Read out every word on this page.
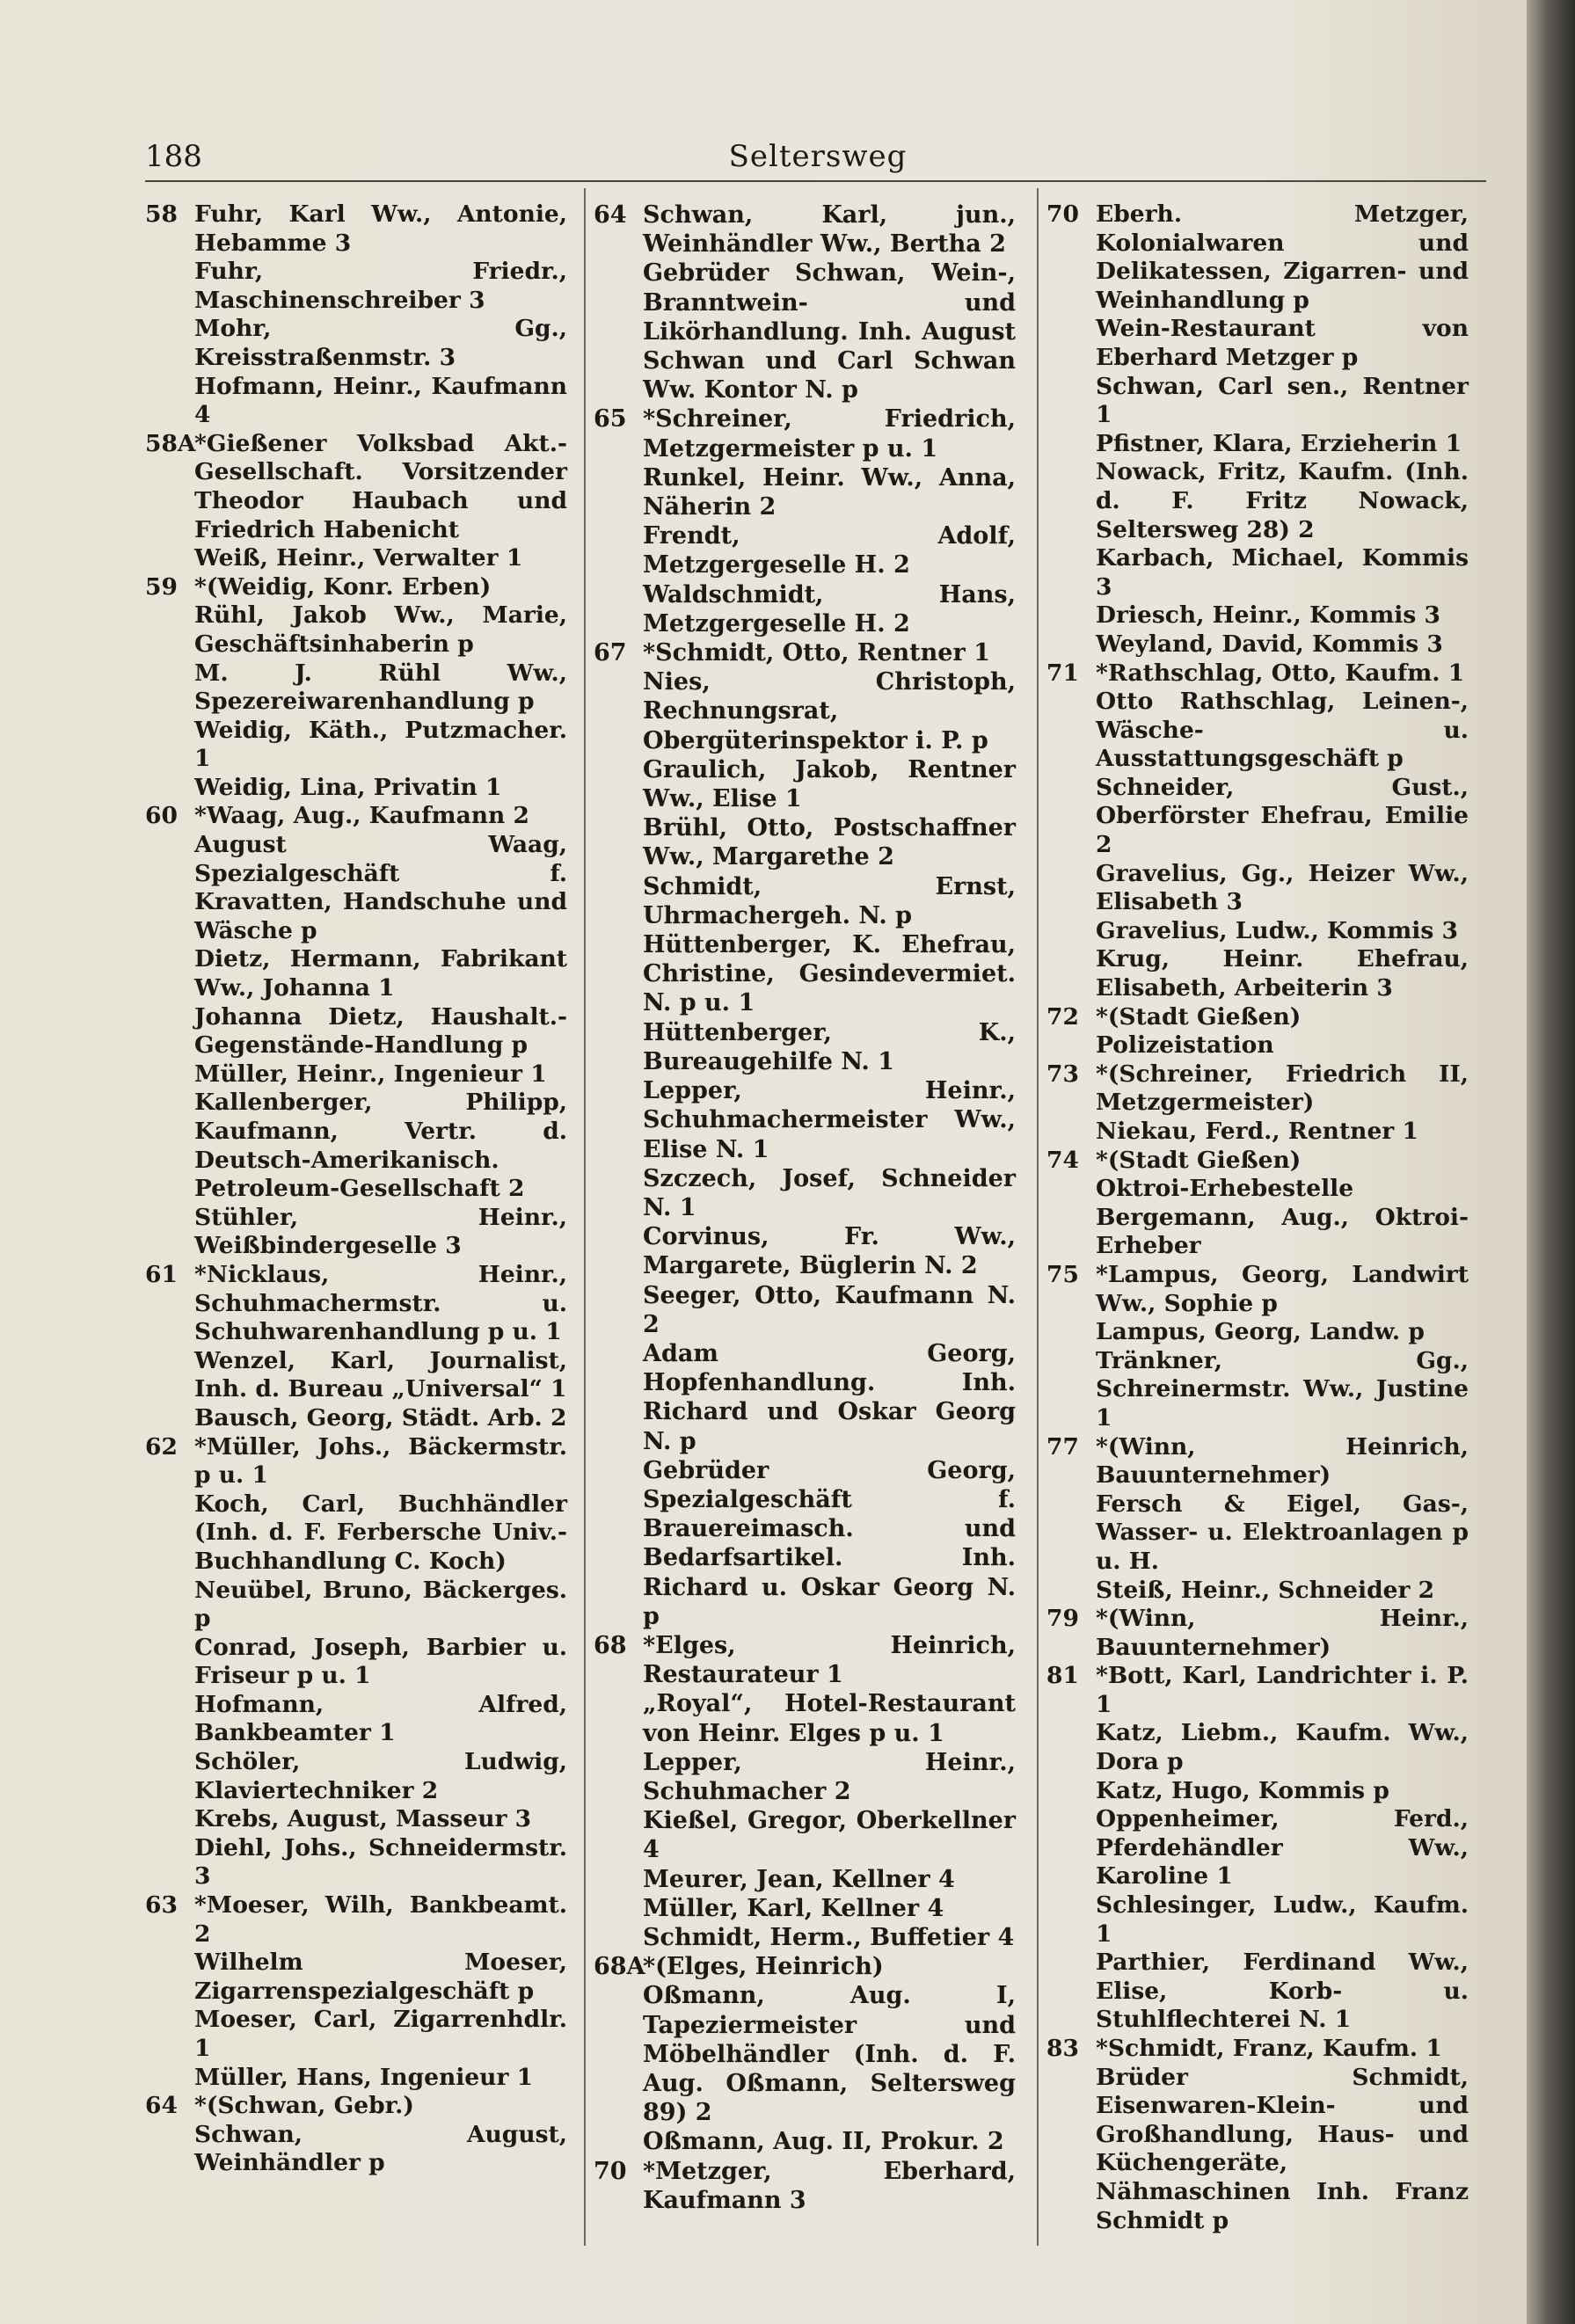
188	Seltersweg

58 Fuhr, Karl Ww., Antonie, Hebamme 3

Fuhr, Friedr., Maschinenschreiber 3

Mohr, Gg., Kreisstraßenmstr. 3

Hofmann, Heinr., Kaufmann 4

58A*Gießener Volksbad Akt.-Gesellschaft. Vorsitzender Theodor Haubach und Friedrich Habenicht

Weiß, Heinr., Verwalter 1

59 *(Weidig, Konr. Erben)

Rühl, Jakob Ww., Marie, Geschäftsinhaberin p

M. J. Rühl Ww., Spezereiwarenhandlung p

Weidig, Käth., Putzmacher. 1

Weidig, Lina, Privatin 1

60 *Waag, Aug., Kaufmann 2

August Waag, Spezialgeschäft f. Kravatten, Handschuhe und Wäsche p

Dietz, Hermann, Fabrikant Ww., Johanna 1

Johanna Dietz, Haushalt.-Gegenstände-Handlung p

Müller, Heinr., Ingenieur 1

Kallenberger, Philipp, Kaufmann, Vertr. d. Deutsch-Amerikanisch. Petroleum-Gesellschaft 2

Stühler, Heinr., Weißbindergeselle 3

61 *Nicklaus, Heinr., Schuhmachermstr. u. Schuhwarenhandlung p u. 1

Wenzel, Karl, Journalist, Inh. d. Bureau „Universal“ 1

Bausch, Georg, Städt. Arb. 2

62 *Müller, Johs., Bäckermstr. p u. 1

Koch, Carl, Buchhändler (Inh. d. F. Ferbersche Univ.-Buchhandlung C. Koch)

Neuübel, Bruno, Bäckerges. p

Conrad, Joseph, Barbier u. Friseur p u. 1

Hofmann, Alfred, Bankbeamter 1

Schöler, Ludwig, Klaviertechniker 2

Krebs, August, Masseur 3

Diehl, Johs., Schneidermstr. 3

63 *Moeser, Wilh, Bankbeamt. 2

Wilhelm Moeser, Zigarrenspezialgeschäft p

Moeser, Carl, Zigarrenhdlr. 1

Müller, Hans, Ingenieur 1

64 *(Schwan, Gebr.)

Schwan, August, Weinhändler p

64 Schwan, Karl, jun., Weinhändler Ww., Bertha 2

Gebrüder Schwan, Wein-, Branntwein- und Likörhandlung. Inh. August Schwan und Carl Schwan Ww. Kontor N. p

65 *Schreiner, Friedrich, Metzgermeister p u. 1

Runkel, Heinr. Ww., Anna, Näherin 2

Frendt, Adolf, Metzgergeselle H. 2

Waldschmidt, Hans, Metzgergeselle H. 2

67 *Schmidt, Otto, Rentner 1

Nies, Christoph, Rechnungsrat, Obergüterinspektor i. P. p

Graulich, Jakob, Rentner Ww., Elise 1

Brühl, Otto, Postschaffner Ww., Margarethe 2

Schmidt, Ernst, Uhrmachergeh. N. p

Hüttenberger, K. Ehefrau, Christine, Gesindevermiet. N. p u. 1

Hüttenberger, K., Bureaugehilfe N. 1

Lepper, Heinr., Schuhmachermeister Ww., Elise N. 1

Szczech, Josef, Schneider N. 1

Corvinus, Fr. Ww., Margarete, Büglerin N. 2

Seeger, Otto, Kaufmann N. 2

Adam Georg, Hopfenhandlung. Inh. Richard und Oskar Georg N. p

Gebrüder Georg, Spezialgeschäft f. Brauereimasch. und Bedarfsartikel. Inh. Richard u. Oskar Georg N. p

68 *Elges, Heinrich, Restaurateur 1

„Royal“, Hotel-Restaurant von Heinr. Elges p u. 1

Lepper, Heinr., Schuhmacher 2

Kießel, Gregor, Oberkellner 4

Meurer, Jean, Kellner 4

Müller, Karl, Kellner 4

Schmidt, Herm., Buffetier 4

68A*(Elges, Heinrich)

Oßmann, Aug. I, Tapeziermeister und Möbelhändler (Inh. d. F. Aug. Oßmann, Seltersweg 89) 2

Oßmann, Aug. II, Prokur. 2

70 *Metzger, Eberhard, Kaufmann 3

70 Eberh. Metzger, Kolonialwaren und Delikatessen, Zigarren- und Weinhandlung p

Wein-Restaurant von Eberhard Metzger p

Schwan, Carl sen., Rentner 1

Pfistner, Klara, Erzieherin 1

Nowack, Fritz, Kaufm. (Inh. d. F. Fritz Nowack, Seltersweg 28) 2

Karbach, Michael, Kommis 3

Driesch, Heinr., Kommis 3

Weyland, David, Kommis 3

71 *Rathschlag, Otto, Kaufm. 1

Otto Rathschlag, Leinen-, Wäsche- u. Ausstattungsgeschäft p

Schneider, Gust., Oberförster Ehefrau, Emilie 2

Gravelius, Gg., Heizer Ww., Elisabeth 3

Gravelius, Ludw., Kommis 3

Krug, Heinr. Ehefrau, Elisabeth, Arbeiterin 3

72 *(Stadt Gießen)

Polizeistation

73 *(Schreiner, Friedrich II, Metzgermeister)

Niekau, Ferd., Rentner 1

74 *(Stadt Gießen)

Oktroi-Erhebestelle

Bergemann, Aug., Oktroi-Erheber

75 *Lampus, Georg, Landwirt Ww., Sophie p

Lampus, Georg, Landw. p

Tränkner, Gg., Schreinermstr. Ww., Justine 1

77 *(Winn, Heinrich, Bauunternehmer)

Fersch & Eigel, Gas-, Wasser- u. Elektroanlagen p u. H.

Steiß, Heinr., Schneider 2

79 *(Winn, Heinr., Bauunternehmer)

81 *Bott, Karl, Landrichter i. P. 1

Katz, Liebm., Kaufm. Ww., Dora p

Katz, Hugo, Kommis p

Oppenheimer, Ferd., Pferdehändler Ww., Karoline 1

Schlesinger, Ludw., Kaufm. 1

Parthier, Ferdinand Ww., Elise, Korb- u. Stuhlflechterei N. 1

83 *Schmidt, Franz, Kaufm. 1

Brüder Schmidt, Eisenwaren-Klein- und Großhandlung, Haus- und Küchengeräte, Nähmaschinen Inh. Franz Schmidt p
